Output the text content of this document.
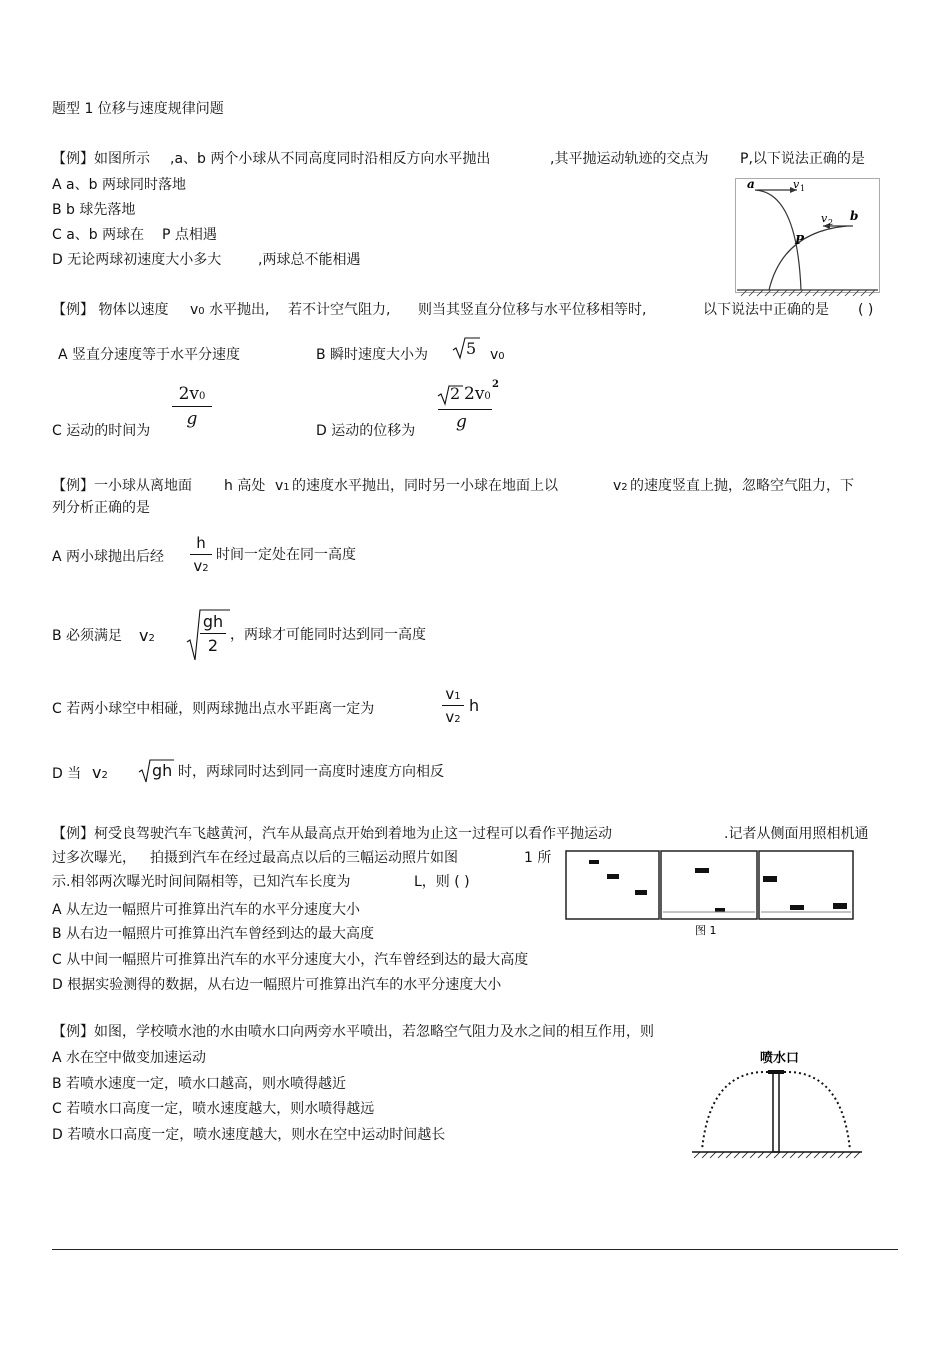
题型 1 位移与速度规律问题
【例】如图所示 ,a、b 两个小球从不同高度同时沿相反方向水平抛出	,其平抛运动轨迹的交点为 P,以下说法正确的是
A a、b 两球同时落地
B b 球先落地
C a、b 两球在 P 点相遇
D 无论两球初速度大小多大	,两球总不能相遇
a	v 1
b
v 2
P
【例】 物体以速度 v0 水平抛出, 若不计空气阻力, 则当其竖直分位移与水平位移相等时,	以下说法中正确的是 ( )
A 竖直分速度等于水平分速度	B 瞬时速度大小为 5 v0
C 运动的时间为
2v0
g
D 运动的位移为
2 2v0
2
g
【例】一小球从离地面 h 高处 v1 的速度水平抛出，同时另一小球在地面上以	v2 的速度竖直上抛，忽略空气阻力，下
列分析正确的是
A 两小球抛出后经
h
v2
时间一定处在同一高度
B 必须满足 v2
gh
2
，两球才可能同时达到同一高度
C 若两小球空中相碰，则两球抛出点水平距离一定为
v1
v2
h
D 当 v2	gh 时，两球同时达到同一高度时速度方向相反
【例】柯受良驾驶汽车飞越黄河，汽车从最高点开始到着地为止这一过程可以看作平抛运动	.记者从侧面用照相机通
过多次曝光， 拍摄到汽车在经过最高点以后的三幅运动照片如图	1 所
示.相邻两次曝光时间间隔相等，已知汽车长度为	L，则 ( )
A 从左边一幅照片可推算出汽车的水平分速度大小
B 从右边一幅照片可推算出汽车曾经到达的最大高度
C 从中间一幅照片可推算出汽车的水平分速度大小，汽车曾经到达的最大高度
D 根据实验测得的数据，从右边一幅照片可推算出汽车的水平分速度大小
图 1
【例】如图，学校喷水池的水由喷水口向两旁水平喷出，若忽略空气阻力及水之间的相互作用，则
A 水在空中做变加速运动
B 若喷水速度一定，喷水口越高，则水喷得越近
C 若喷水口高度一定，喷水速度越大，则水喷得越远
D 若喷水口高度一定，喷水速度越大，则水在空中运动时间越长
喷水口
